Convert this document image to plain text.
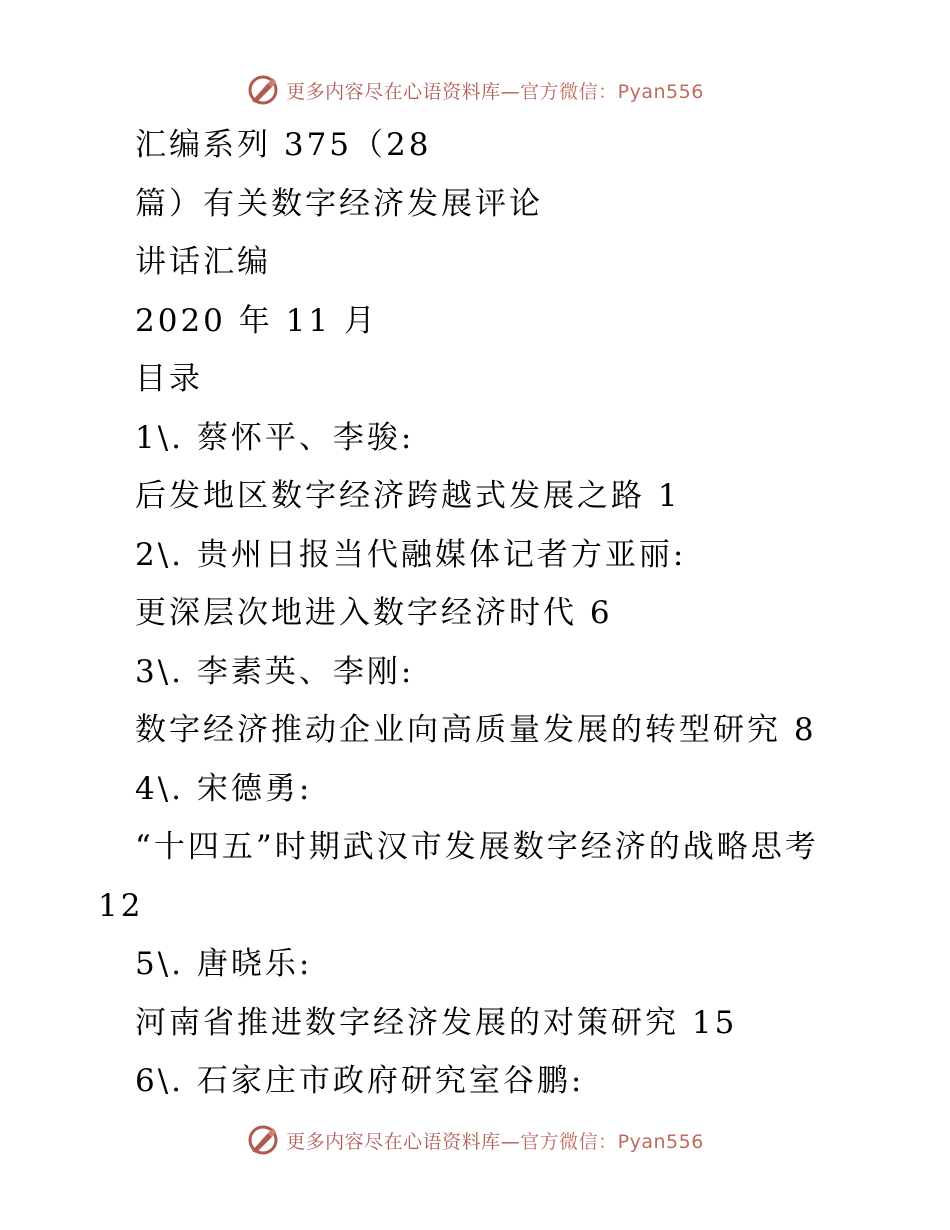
更多内容尽在心语资料库—官方微信：Pyan556
汇编系列 375（28
篇）有关数字经济发展评论
讲话汇编
2020 年 11 月
目录
1\. 蔡怀平、李骏:
后发地区数字经济跨越式发展之路 1
2\. 贵州日报当代融媒体记者方亚丽:
更深层次地进入数字经济时代 6
3\. 李素英、李刚:
数字经济推动企业向高质量发展的转型研究 8
4\. 宋德勇:
“十四五”时期武汉市发展数字经济的战略思考
12
5\. 唐晓乐:
河南省推进数字经济发展的对策研究 15
6\. 石家庄市政府研究室谷鹏:
更多内容尽在心语资料库—官方微信：Pyan556
